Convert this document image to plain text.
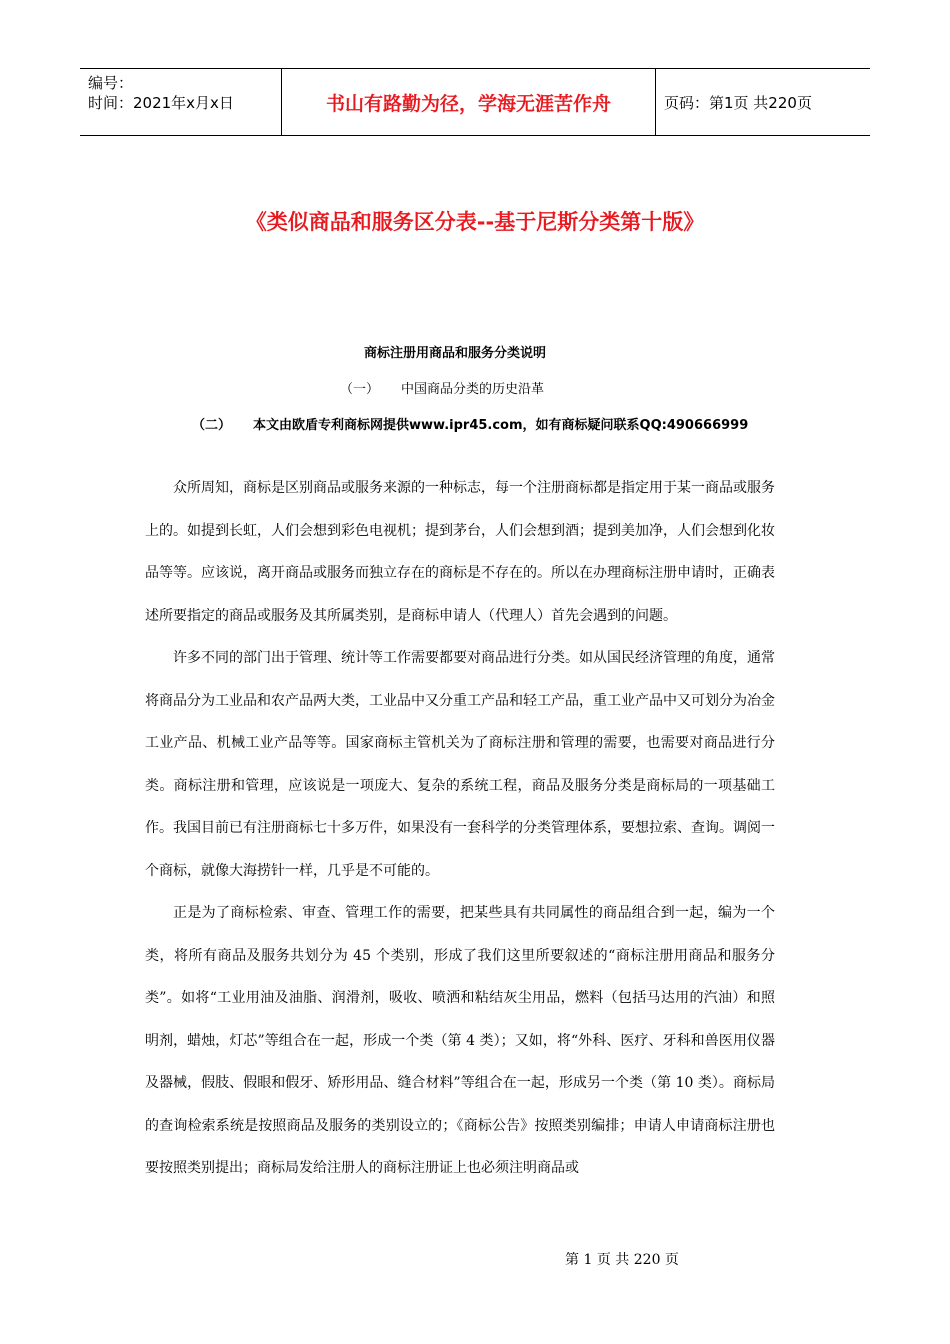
编号：
时间：2021年x月x日	书山有路勤为径，学海无涯苦作舟	页码：第1页 共220页
《类似商品和服务区分表--基于尼斯分类第十版》
商标注册用商品和服务分类说明
（一） 中国商品分类的历史沿革
（二） 本文由欧盾专利商标网提供www.ipr45.com，如有商标疑问联系QQ:490666999

众所周知，商标是区别商品或服务来源的一种标志，每一个注册商标都是指定用于某一商品或服务上的。如提到长虹，人们会想到彩色电视机；提到茅台，人们会想到酒；提到美加净，人们会想到化妆品等等。应该说，离开商品或服务而独立存在的商标是不存在的。所以在办理商标注册申请时，正确表述所要指定的商品或服务及其所属类别，是商标申请人（代理人）首先会遇到的问题。

许多不同的部门出于管理、统计等工作需要都要对商品进行分类。如从国民经济管理的角度，通常将商品分为工业品和农产品两大类，工业品中又分重工产品和轻工产品，重工业产品中又可划分为冶金工业产品、机械工业产品等等。国家商标主管机关为了商标注册和管理的需要，也需要对商品进行分类。商标注册和管理，应该说是一项庞大、复杂的系统工程，商品及服务分类是商标局的一项基础工作。我国目前已有注册商标七十多万件，如果没有一套科学的分类管理体系，要想拉索、查询。调阅一个商标，就像大海捞针一样，几乎是不可能的。

正是为了商标检索、审查、管理工作的需要，把某些具有共同属性的商品组合到一起，编为一个类，将所有商品及服务共划分为 45 个类别，形成了我们这里所要叙述的“商标注册用商品和服务分类”。如将“工业用油及油脂、润滑剂，吸收、喷洒和粘结灰尘用品，燃料（包括马达用的汽油）和照明剂，蜡烛，灯芯”等组合在一起，形成一个类（第 4 类）；又如，将“外科、医疗、牙科和兽医用仪器及器械，假肢、假眼和假牙、矫形用品、缝合材料”等组合在一起，形成另一个类（第 10 类）。商标局的查询检索系统是按照商品及服务的类别设立的；《商标公告》按照类别编排；申请人申请商标注册也要按照类别提出；商标局发给注册人的商标注册证上也必须注明商品或

第 1 页 共 220 页
